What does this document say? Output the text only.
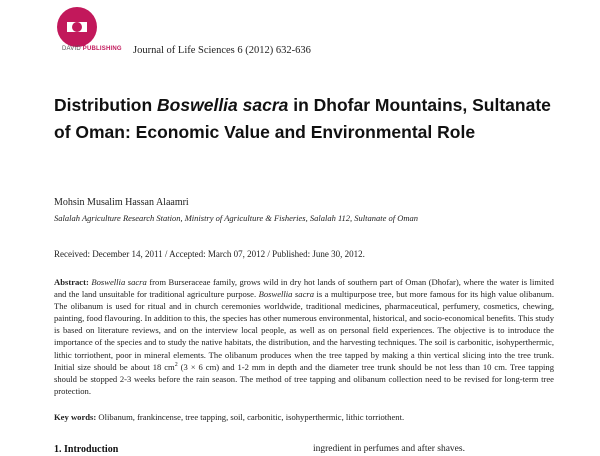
DAVID PUBLISHING Journal of Life Sciences 6 (2012) 632-636
Distribution Boswellia sacra in Dhofar Mountains, Sultanate of Oman: Economic Value and Environmental Role
Mohsin Musalim Hassan Alaamri
Salalah Agriculture Research Station, Ministry of Agriculture & Fisheries, Salalah 112, Sultanate of Oman
Received: December 14, 2011 / Accepted: March 07, 2012 / Published: June 30, 2012.

Abstract: Boswellia sacra from Burseraceae family, grows wild in dry hot lands of southern part of Oman (Dhofar), where the water is limited and the land unsuitable for traditional agriculture purpose. Boswellia sacra is a multipurpose tree, but more famous for its high value olibanum. The olibanum is used for ritual and in church ceremonies worldwide, traditional medicines, pharmaceutical, perfumery, cosmetics, chewing, painting, food flavouring. In addition to this, the species has other numerous environmental, historical, and socio-economical benefits. This study is based on literature reviews, and on the interview local people, as well as on personal field experiences. The objective is to introduce the importance of the species and to study the native habitats, the distribution, and the harvesting techniques. The soil is carbonitic, isohyperthermic, lithic torriothent, poor in mineral elements. The olibanum produces when the tree tapped by making a thin vertical slicing into the tree trunk. Initial size should be about 18 $cm^2$ (3 × 6 cm) and 1-2 mm in depth and the diameter tree trunk should be not less than 10 cm. Tree tapping should be stopped 2-3 weeks before the rain season. The method of tree tapping and olibanum collection need to be revised for long-term tree protection.

Key words: Olibanum, frankincense, tree tapping, soil, carbonitic, isohyperthermic, lithic torriothent.
1. Introduction	ingredient in perfumes and after shaves.
